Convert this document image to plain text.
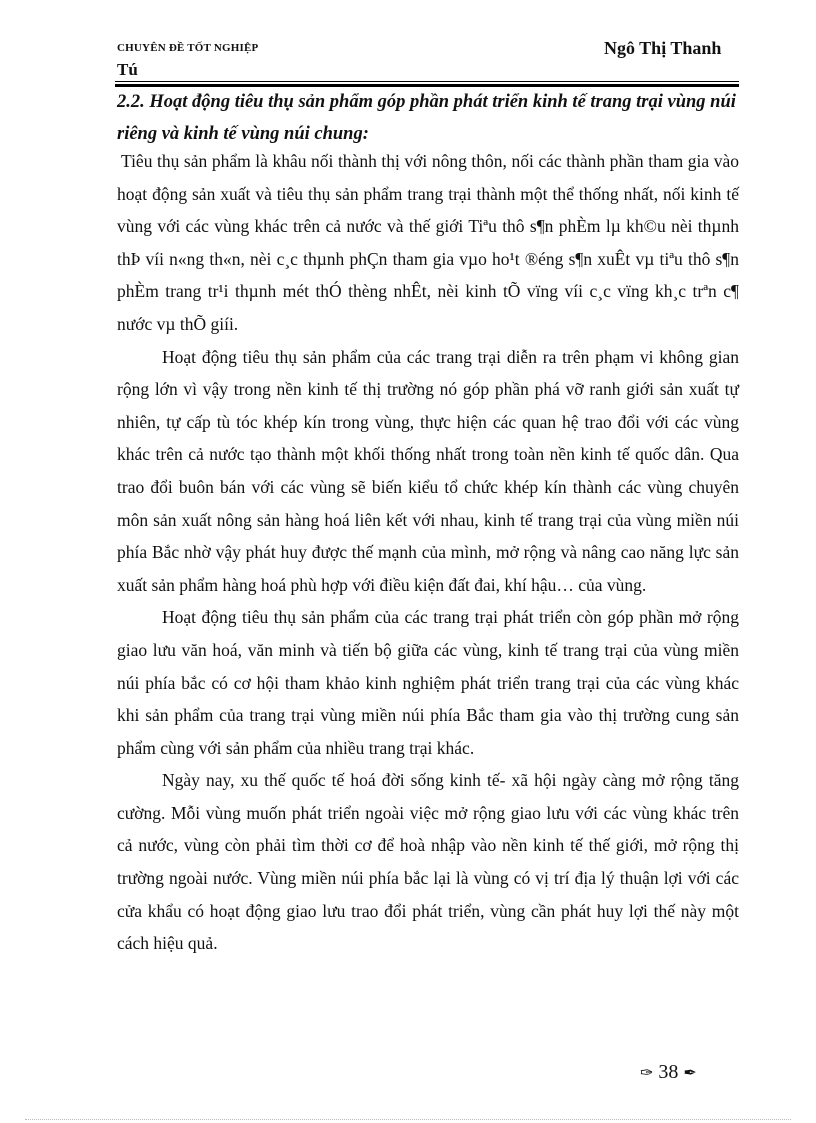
CHUYÊN ĐỀ TỐT NGHIỆP
Tú
Ngô Thị Thanh
2.2. Hoạt động tiêu thụ sản phẩm góp phần phát triển kinh tế trang trại vùng núi riêng và kinh tế vùng núi chung:

Tiêu thụ sản phẩm là khâu nối thành thị với nông thôn, nối các thành phần tham gia vào hoạt động sản xuất và tiêu thụ sản phẩm trang trại thành một thể thống nhất, nối kinh tế vùng với các vùng khác trên cả nước và thế giới Tiªu thô s¶n phÈm lµ kh©u nèi thµnh thÞ víi n«ng th«n, nèi c¸c thµnh phÇn tham gia vµo ho¹t ®éng s¶n xuÊt vµ tiªu thô s¶n phÈm trang tr¹i thµnh mét thÓ thèng nhÊt, nèi kinh tÕ vïng víi c¸c vïng kh¸c trªn c¶ nước vµ thÕ giíi.

Hoạt động tiêu thụ sản phẩm của các trang trại diễn ra trên phạm vi không gian rộng lớn vì vậy trong nền kinh tế thị trường nó góp phần phá vỡ ranh giới sản xuất tự nhiên, tự cấp tù tóc khép kín trong vùng, thực hiện các quan hệ trao đổi với các vùng khác trên cả nước tạo thành một khối thống nhất trong toàn nền kinh tế quốc dân. Qua trao đổi buôn bán với các vùng sẽ biến kiểu tổ chức khép kín thành các vùng chuyên môn sản xuất nông sản hàng hoá liên kết với nhau, kinh tế trang trại của vùng miền núi phía Bắc nhờ vậy phát huy được thế mạnh của mình, mở rộng và nâng cao năng lực sản xuất sản phẩm hàng hoá phù hợp với điều kiện đất đai, khí hậu… của vùng.

Hoạt động tiêu thụ sản phẩm của các trang trại phát triển còn góp phần mở rộng giao lưu văn hoá, văn minh và tiến bộ giữa các vùng, kinh tế trang trại của vùng miền núi phía bắc có cơ hội tham khảo kinh nghiệm phát triển trang trại của các vùng khác khi sản phẩm của trang trại vùng miền núi phía Bắc tham gia vào thị trường cung sản phẩm cùng với sản phẩm của nhiều trang trại khác.

Ngày nay, xu thế quốc tế hoá đời sống kinh tế- xã hội ngày càng mở rộng tăng cường. Mỗi vùng muốn phát triển ngoài việc mở rộng giao lưu với các vùng khác trên cả nước, vùng còn phải tìm thời cơ để hoà nhập vào nền kinh tế thế giới, mở rộng thị trường ngoài nước. Vùng miền núi phía bắc lại là vùng có vị trí địa lý thuận lợi với các cửa khẩu có hoạt động giao lưu trao đổi phát triển, vùng cần phát huy lợi thế này một cách hiệu quả.

✑ 38 ✒
